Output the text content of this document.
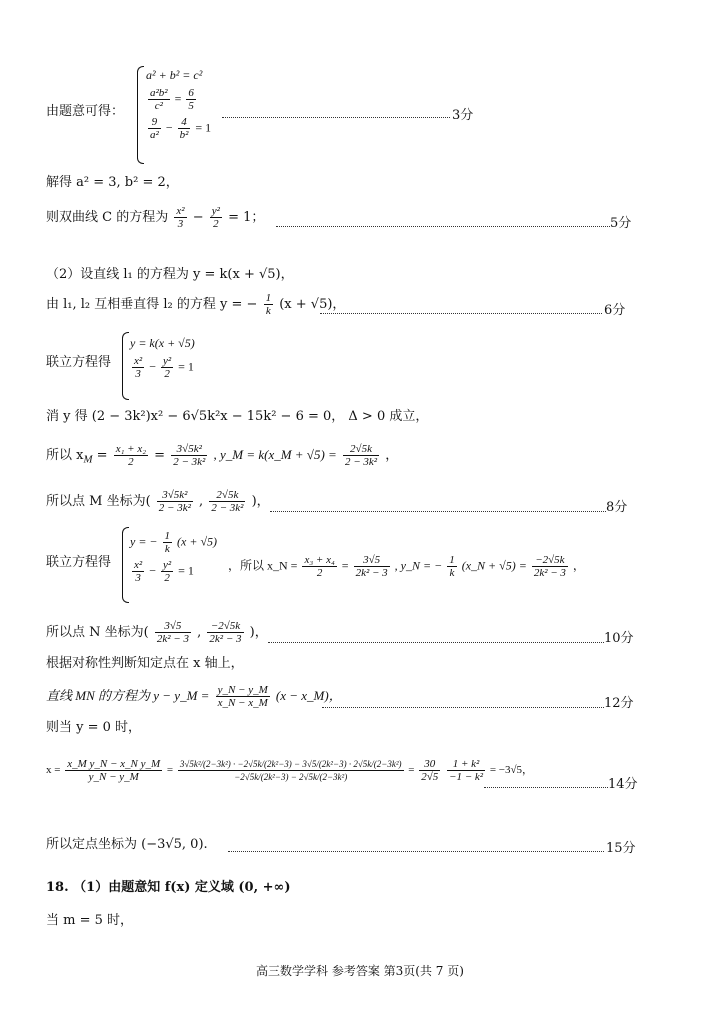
由题意可得：
a² + b² = c²
$\frac{\text{a²b²}}{\text{c²}} = \frac{6}{5}$
$\frac{9}{\text{a²}} - \frac{4}{\text{b²}} = 1$
3分
解得 a² = 3, b² = 2，
则双曲线 C 的方程为 $\frac{\text{x²}}{3} - \frac{\text{y²}}{2} = 1$；	5分
（2）设直线 l₁ 的方程为 y = k(x + √5)，
由 l₁, l₂ 互相垂直得 l₂ 的方程 y = − $\frac{1}{k} (x + √5)$，	6分
联立方程得
y = k(x + √5)
$\frac{\text{x²}}{3} - \frac{\text{y²}}{2} = 1$
消 y 得 (2 − 3k²)x² − 6√5k²x − 15k² − 6 = 0， Δ > 0 成立，
所以 $x_M = \frac{\text{x₁ + x₂}}{2} = \frac{\text{3√5k²}}{\text{2 − 3k²}}$ , y_M = k(x_M + $√5) = \frac{2√5k}{\text{2 − 3k²}}$ ，
所以点 M 坐标为( $\frac{\text{3√5k²}}{\text{2 − 3k²}}$ , $\frac{2√5k}{\text{2 − 3k²}}$ )，	8分
联立方程得
y = − $\frac{1}{k} (x + √5)$
$\frac{\text{x²}}{3} - \frac{\text{y²}}{2} = 1$	，所以 x_N = $\frac{\text{x₃ + x₄}}{2} = \frac{3√5}{\text{2k² − 3}}$ , y_N = − $\frac{1}{k}$ (x_N + $√5) = \frac{-2√5k}{\text{2k² − 3}}$ ，
所以点 N 坐标为( $\frac{3√5}{\text{2k² − 3}}$ , $\frac{-2√5k}{\text{2k² − 3}}$ )，	10分
根据对称性判断知定点在 x 轴上，
直线 MN 的方程为 y − y_M = $\frac{y\_N - y\_M}{x\_N - x\_M} (x$ − x_M)，
12分
则当 y = 0 时，
$x = \frac{\text{x\_M y\_N − x\_N y\_M}}{y\_N - y\_M} = \frac{\text{3√5k²/(2−3k²) · −2√5k/(2k²−3) − 3√5/(2k²−3) · 2√5k/(2−3k²)}}{\text{−2√5k/(2k²−3) − 2√5k/(2−3k²)}} = \frac{30}{2√5}$
$\frac{\text{1 + k²}}{\text{−1 − k²}} = -3√5$，
14分
所以定点坐标为 (−3√5, 0).	15分
18. （1）由题意知 f(x) 定义域 (0, +∞)
当 m = 5 时，
高三数学学科 参考答案 第3页(共 7 页)
